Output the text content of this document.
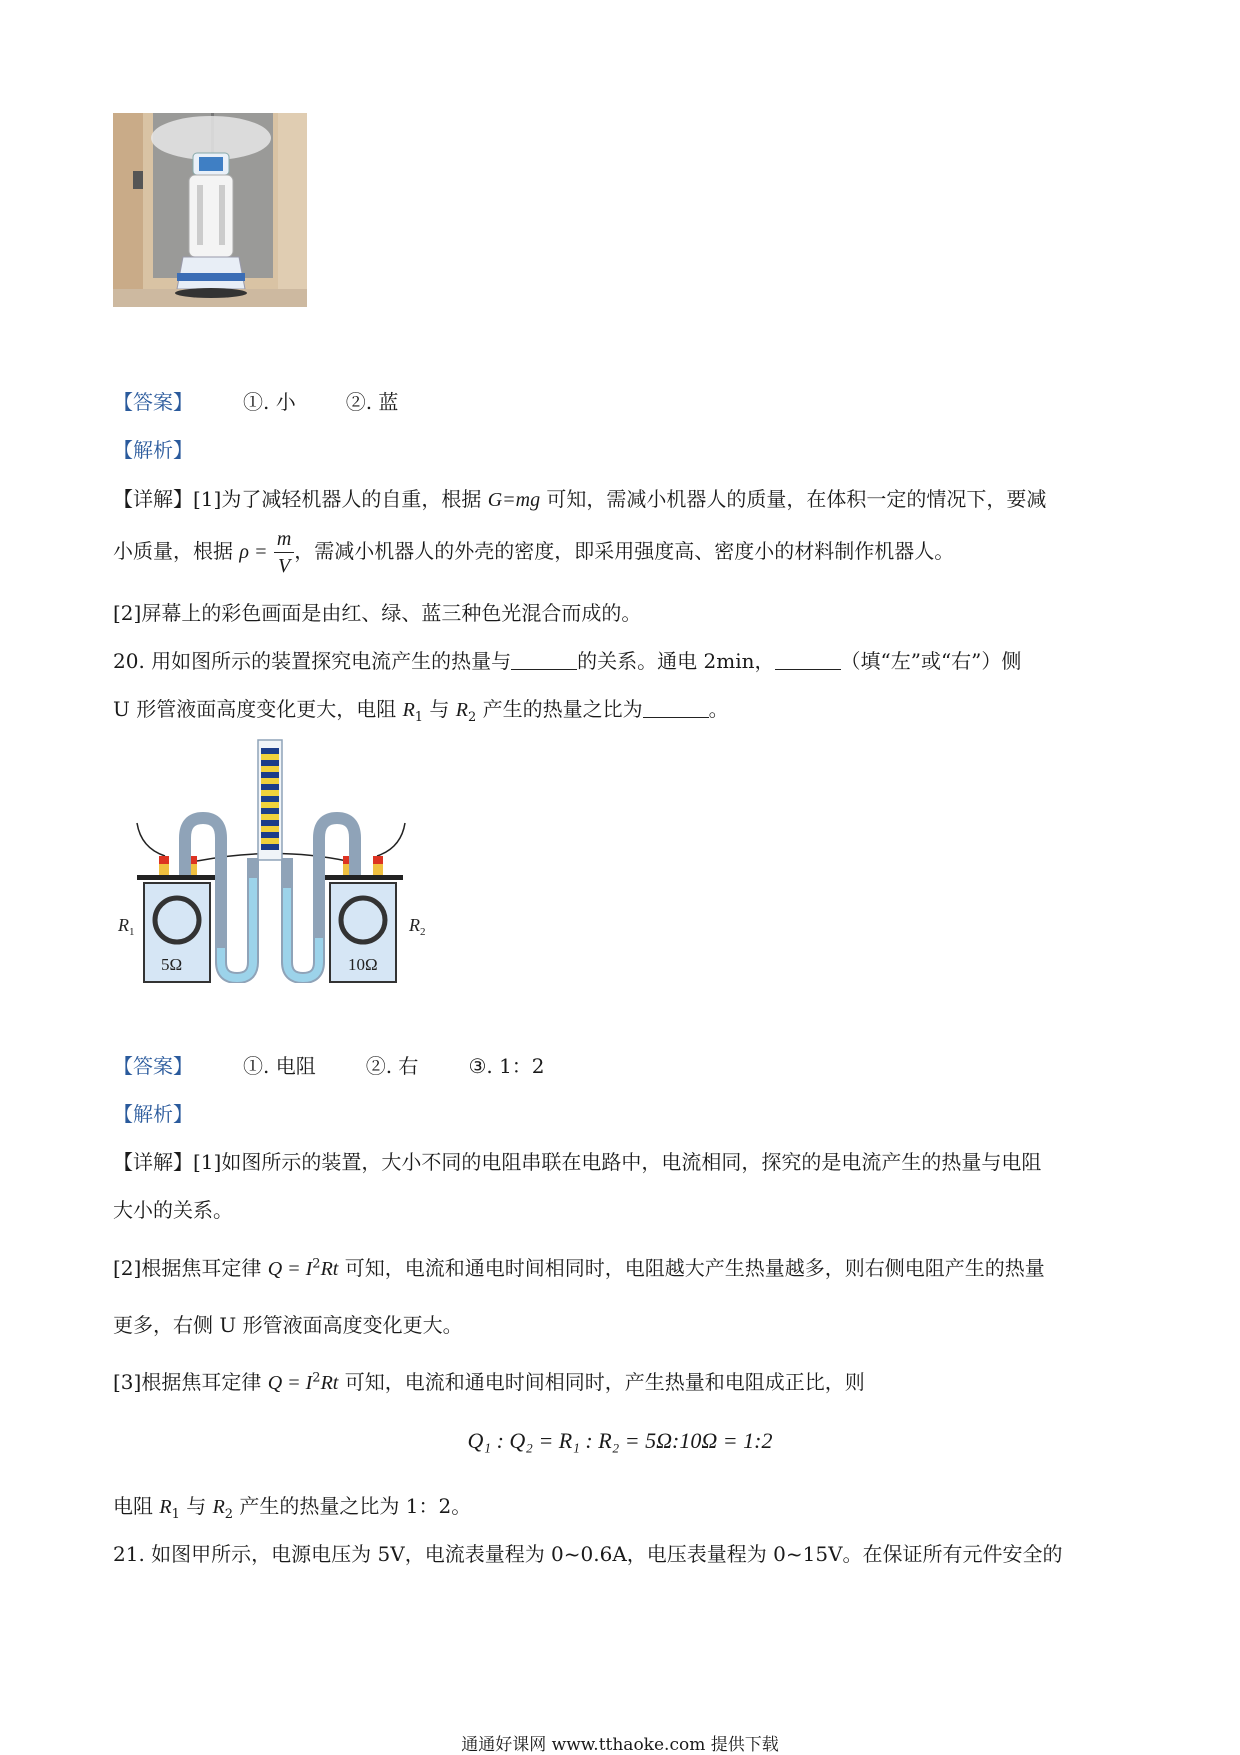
【答案】	①. 小	②. 蓝
【解析】
【详解】[1]为了减轻机器人的自重，根据 G=mg 可知，需减小机器人的质量，在体积一定的情况下，要减
小质量，根据 $\rho = \frac{m}{V}$ ，需减小机器人的外壳的密度，即采用强度高、密度小的材料制作机器人。
[2]屏幕上的彩色画面是由红、绿、蓝三种色光混合而成的。
20. 用如图所示的装置探究电流产生的热量与	的关系。通电 2min，	（填“左”或“右”）侧
U 形管液面高度变化更大，电阻 $R_1$ 与 $R_2$ 产生的热量之比为	。
$R_1$	$R_2$
5Ω	10Ω
【答案】	①. 电阻	②. 右	③. 1：2
【解析】
【详解】[1]如图所示的装置，大小不同的电阻串联在电路中，电流相同，探究的是电流产生的热量与电阻
大小的关系。
[2]根据焦耳定律 $Q = I^2Rt$ 可知，电流和通电时间相同时，电阻越大产生热量越多，则右侧电阻产生的热量
更多，右侧 U 形管液面高度变化更大。
[3]根据焦耳定律 $Q = I^2Rt$ 可知，电流和通电时间相同时，产生热量和电阻成正比，则
Q₁ : Q₂ = R₁ : R₂ = 5Ω:10Ω = 1:2
电阻 $R_1$ 与 $R_2$ 产生的热量之比为 1：2。
21. 如图甲所示，电源电压为 5V，电流表量程为 0~0.6A，电压表量程为 0~15V。在保证所有元件安全的
通通好课网 www.tthaoke.com 提供下载
